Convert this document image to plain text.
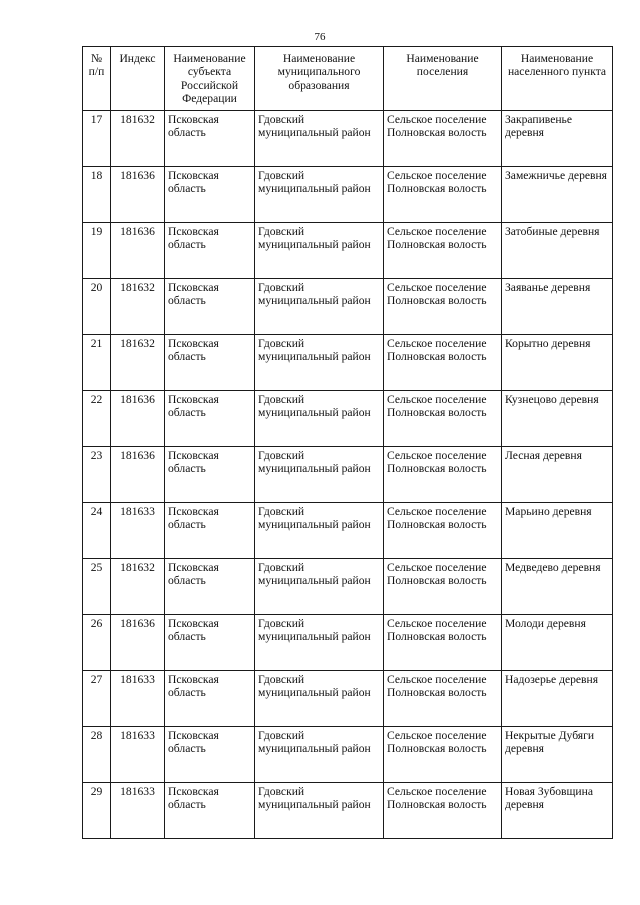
76
№ п/п	Индекс	Наименование субъекта Российской Федерации	Наименование муниципального образования	Наименование поселения	Наименование населенного пункта
17	181632	Псковская область	Гдовский муниципальный район	Сельское поселение Полновская волость	Закрапивенье деревня
18	181636	Псковская область	Гдовский муниципальный район	Сельское поселение Полновская волость	Замежничье деревня
19	181636	Псковская область	Гдовский муниципальный район	Сельское поселение Полновская волость	Затобиные деревня
20	181632	Псковская область	Гдовский муниципальный район	Сельское поселение Полновская волость	Заяванье деревня
21	181632	Псковская область	Гдовский муниципальный район	Сельское поселение Полновская волость	Корытно деревня
22	181636	Псковская область	Гдовский муниципальный район	Сельское поселение Полновская волость	Кузнецово деревня
23	181636	Псковская область	Гдовский муниципальный район	Сельское поселение Полновская волость	Лесная деревня
24	181633	Псковская область	Гдовский муниципальный район	Сельское поселение Полновская волость	Марьино деревня
25	181632	Псковская область	Гдовский муниципальный район	Сельское поселение Полновская волость	Медведево деревня
26	181636	Псковская область	Гдовский муниципальный район	Сельское поселение Полновская волость	Молоди деревня
27	181633	Псковская область	Гдовский муниципальный район	Сельское поселение Полновская волость	Надозерье деревня
28	181633	Псковская область	Гдовский муниципальный район	Сельское поселение Полновская волость	Некрытые Дубяги деревня
29	181633	Псковская область	Гдовский муниципальный район	Сельское поселение Полновская волость	Новая Зубовщина деревня
